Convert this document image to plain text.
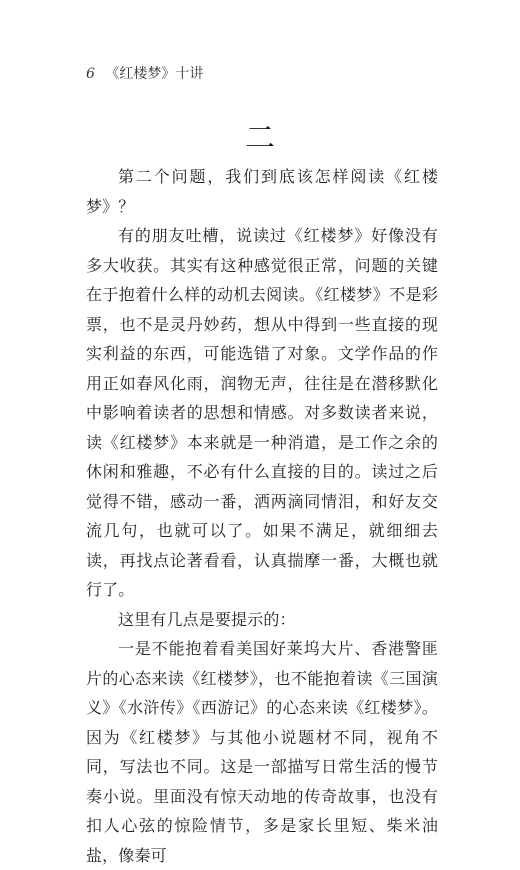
6 《红楼梦》十讲
二

第二个问题，我们到底该怎样阅读《红楼梦》？

有的朋友吐槽，说读过《红楼梦》好像没有多大收获。其实有这种感觉很正常，问题的关键在于抱着什么样的动机去阅读。《红楼梦》不是彩票，也不是灵丹妙药，想从中得到一些直接的现实利益的东西，可能选错了对象。文学作品的作用正如春风化雨，润物无声，往往是在潜移默化中影响着读者的思想和情感。对多数读者来说，读《红楼梦》本来就是一种消遣，是工作之余的休闲和雅趣，不必有什么直接的目的。读过之后觉得不错，感动一番，洒两滴同情泪，和好友交流几句，也就可以了。如果不满足，就细细去读，再找点论著看看，认真揣摩一番，大概也就行了。

这里有几点是要提示的：

一是不能抱着看美国好莱坞大片、香港警匪片的心态来读《红楼梦》，也不能抱着读《三国演义》《水浒传》《西游记》的心态来读《红楼梦》。因为《红楼梦》与其他小说题材不同，视角不同，写法也不同。这是一部描写日常生活的慢节奏小说。里面没有惊天动地的传奇故事，也没有扣人心弦的惊险情节，多是家长里短、柴米油盐，像秦可
